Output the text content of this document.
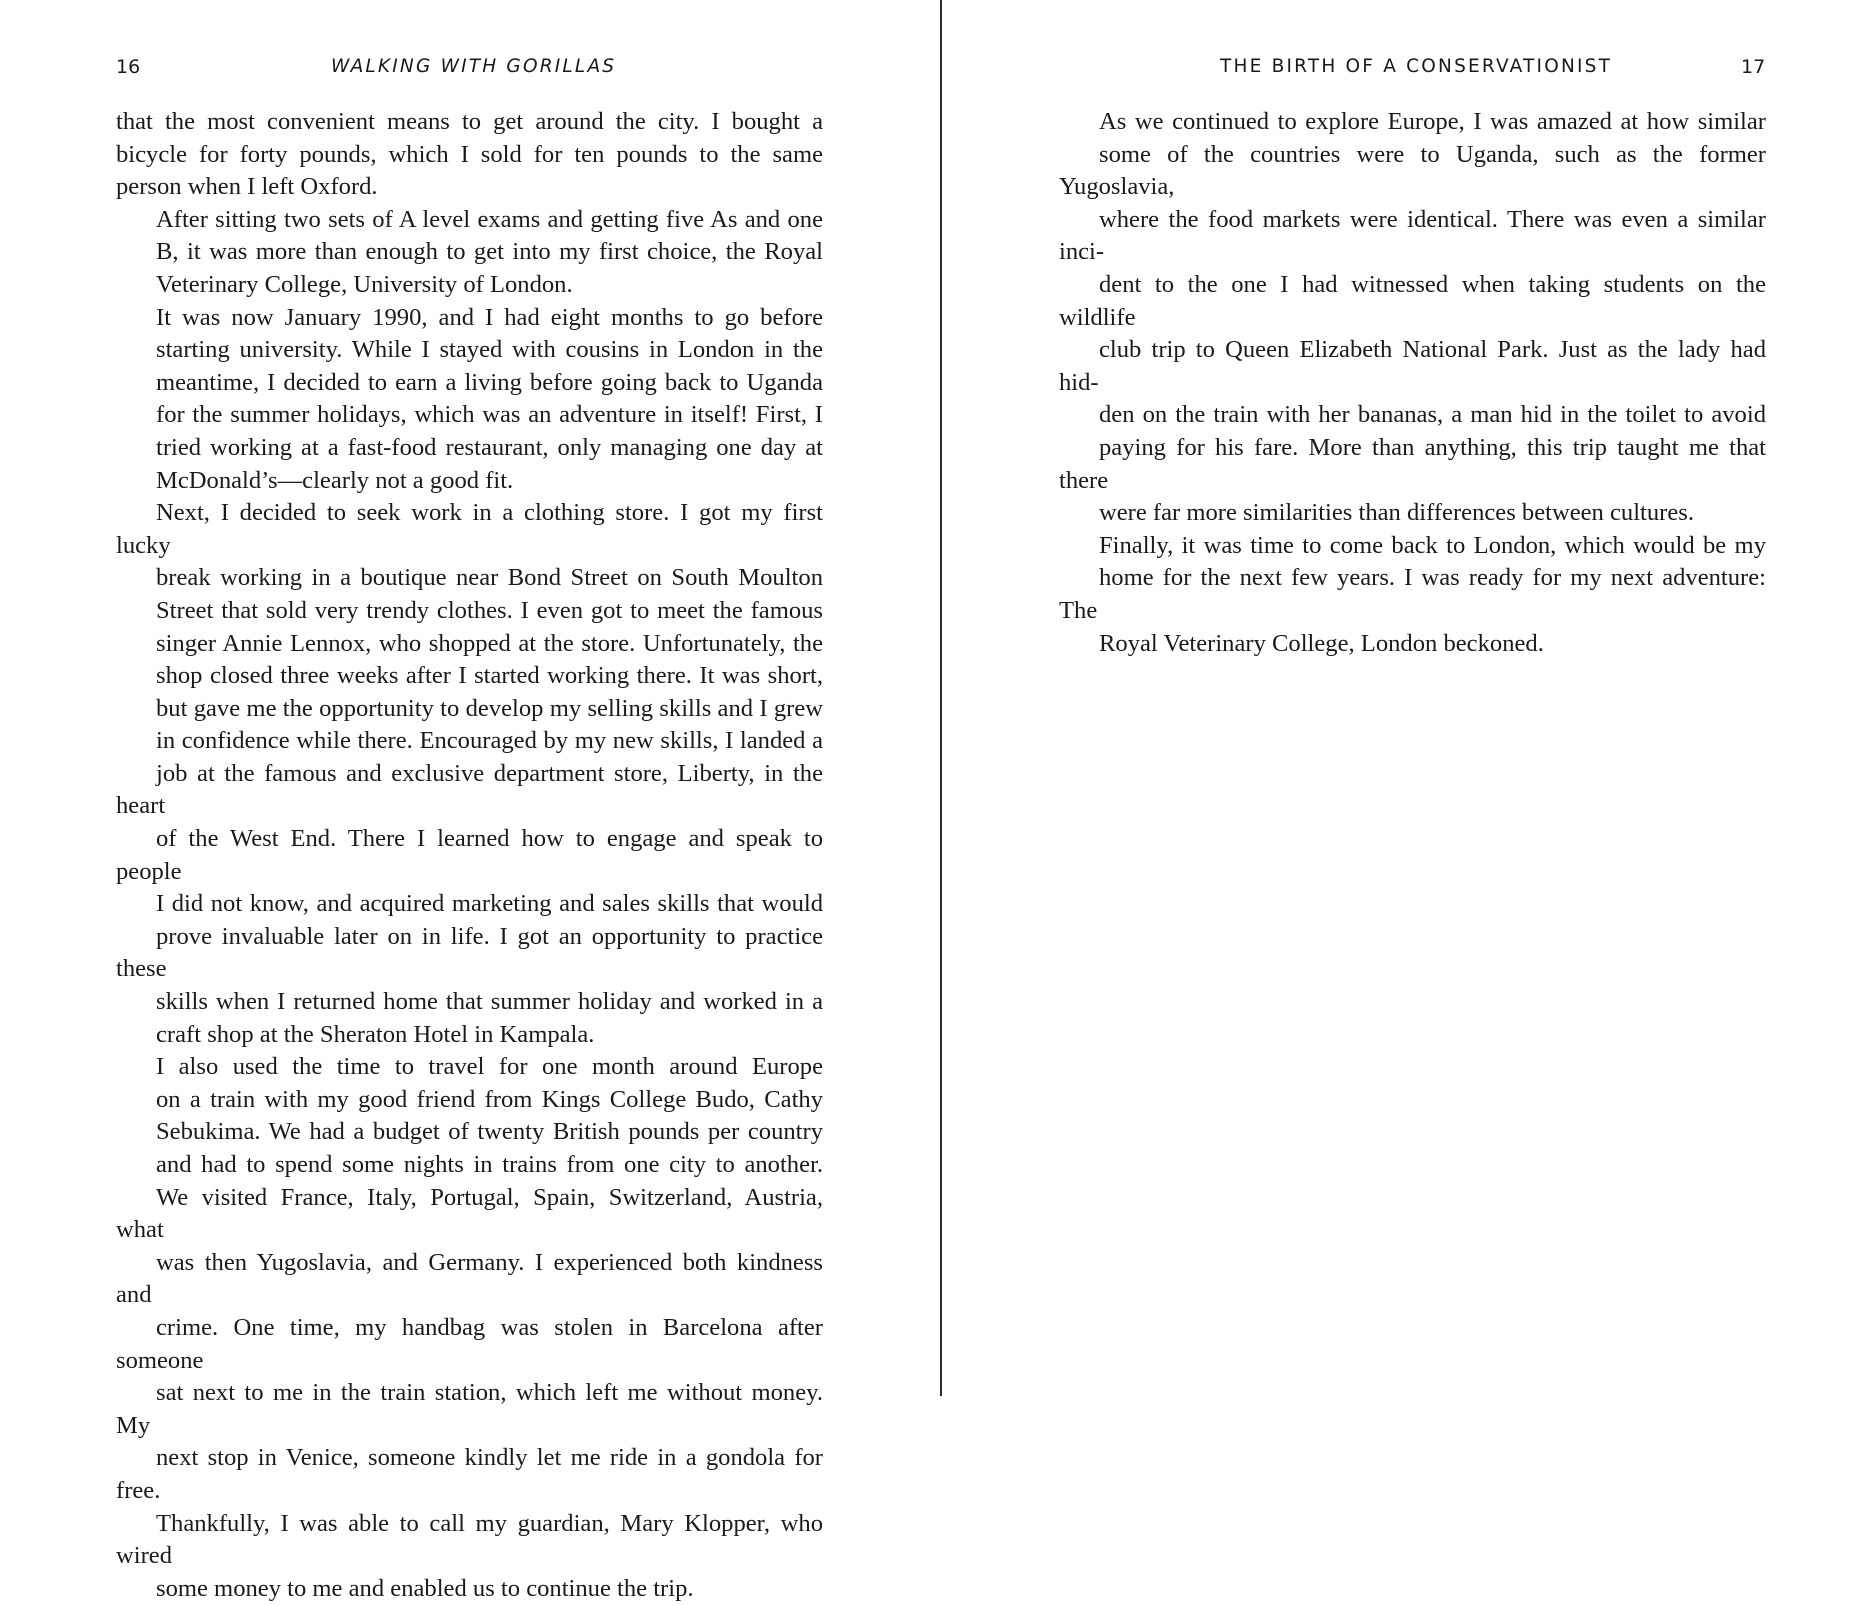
16	WALKING WITH GORILLAS

that the most convenient means to get around the city. I bought a
bicycle for forty pounds, which I sold for ten pounds to the same
person when I left Oxford.

After sitting two sets of A level exams and getting five As and one
B, it was more than enough to get into my first choice, the Royal
Veterinary College, University of London.

It was now January 1990, and I had eight months to go before
starting university. While I stayed with cousins in London in the
meantime, I decided to earn a living before going back to Uganda
for the summer holidays, which was an adventure in itself! First, I
tried working at a fast-food restaurant, only managing one day at
McDonald’s—clearly not a good fit.

Next, I decided to seek work in a clothing store. I got my first lucky
break working in a boutique near Bond Street on South Moulton
Street that sold very trendy clothes. I even got to meet the famous
singer Annie Lennox, who shopped at the store. Unfortunately, the
shop closed three weeks after I started working there. It was short,
but gave me the opportunity to develop my selling skills and I grew
in confidence while there. Encouraged by my new skills, I landed a
job at the famous and exclusive department store, Liberty, in the heart
of the West End. There I learned how to engage and speak to people
I did not know, and acquired marketing and sales skills that would
prove invaluable later on in life. I got an opportunity to practice these
skills when I returned home that summer holiday and worked in a
craft shop at the Sheraton Hotel in Kampala.

I also used the time to travel for one month around Europe
on a train with my good friend from Kings College Budo, Cathy
Sebukima. We had a budget of twenty British pounds per country
and had to spend some nights in trains from one city to another.
We visited France, Italy, Portugal, Spain, Switzerland, Austria, what
was then Yugoslavia, and Germany. I experienced both kindness and
crime. One time, my handbag was stolen in Barcelona after someone
sat next to me in the train station, which left me without money. My
next stop in Venice, someone kindly let me ride in a gondola for free.
Thankfully, I was able to call my guardian, Mary Klopper, who wired
some money to me and enabled us to continue the trip.

THE BIRTH OF A CONSERVATIONIST	17

As we continued to explore Europe, I was amazed at how similar
some of the countries were to Uganda, such as the former Yugoslavia,
where the food markets were identical. There was even a similar inci-
dent to the one I had witnessed when taking students on the wildlife
club trip to Queen Elizabeth National Park. Just as the lady had hid-
den on the train with her bananas, a man hid in the toilet to avoid
paying for his fare. More than anything, this trip taught me that there
were far more similarities than differences between cultures.

Finally, it was time to come back to London, which would be my
home for the next few years. I was ready for my next adventure: The
Royal Veterinary College, London beckoned.
